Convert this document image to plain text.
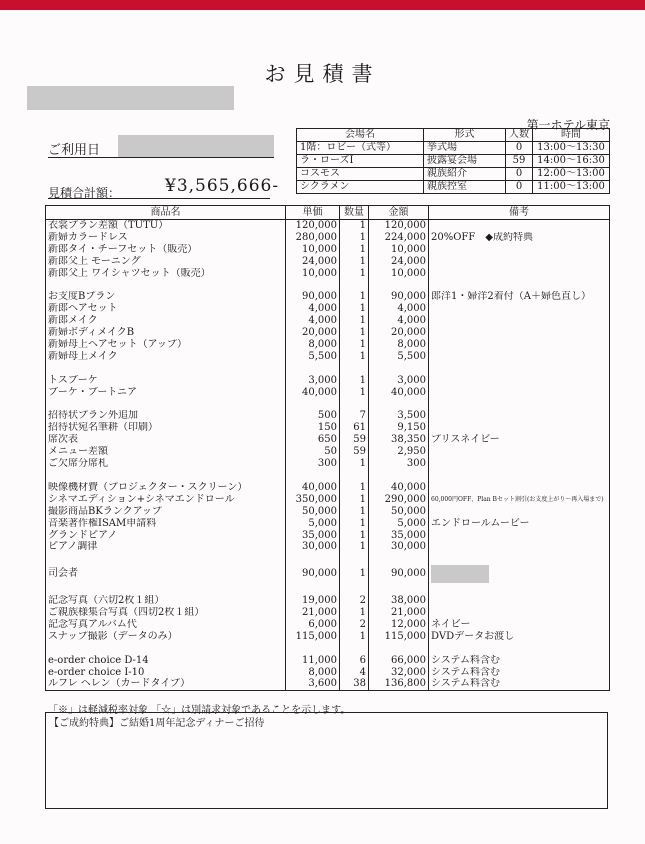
お見積書
第一ホテル東京
ご利用日
見積合計額：	¥3,565,666-
会場名	形式	人数	時間
1階：ロビー（式等）	挙式場	0	13:00〜13:30
ラ・ローズⅠ	披露宴会場	59	14:00〜16:30
コスモス	親族紹介	0	12:00〜13:00
シクラメン	親族控室	0	11:00〜13:00
商品名	単価	数量	金額	備考
衣裳プラン差額（TUTU）	120,000	1	120,000	
新婦カラードレス	280,000	1	224,000	20%OFF　◆成約特典
新郎タイ・チーフセット（販売）	10,000	1	10,000	
新郎父上 モーニング	24,000	1	24,000	
新郎父上 ワイシャツセット（販売）	10,000	1	10,000	

お支度Bプラン	90,000	1	90,000	郎洋1・婦洋2着付（A＋婦色直し）
新郎ヘアセット	4,000	1	4,000	
新郎メイク	4,000	1	4,000	
新婦ボディメイクB	20,000	1	20,000	
新婦母上ヘアセット（アップ）	8,000	1	8,000	
新婦母上メイク	5,500	1	5,500	

トスブーケ	3,000	1	3,000	
ブーケ・ブートニア	40,000	1	40,000	

招待状プラン外追加	500	7	3,500	
招待状宛名筆耕（印刷）	150	61	9,150	
席次表	650	59	38,350	プリスネイビー
メニュー差額	50	59	2,950	
ご欠席分席札	300	1	300	

映像機材費（プロジェクター・スクリーン）	40,000	1	40,000	
シネマエディション+シネマエンドロール	350,000	1	290,000	60,000円OFF、Plan Bセット割引(お支度上がり〜再入場まで)
撮影商品BKランクアップ	50,000	1	50,000	
音楽著作権ISAM申請料	5,000	1	5,000	エンドロールムービー
グランドピアノ	35,000	1	35,000	
ピアノ調律	30,000	1	30,000	

司会者	90,000	1	90,000	

記念写真（六切2枚１組）	19,000	2	38,000	
ご親族様集合写真（四切2枚１組）	21,000	1	21,000	
記念写真アルバム代	6,000	2	12,000	ネイビー
スナップ撮影（データのみ）	115,000	1	115,000	DVDデータお渡し

e-order choice D-14	11,000	6	66,000	システム料含む
e-order choice I-10	8,000	4	32,000	システム料含む
ルフレ ヘレン（カードタイプ）	3,600	38	136,800	システム料含む
「※」は軽減税率対象 「☆」は別請求対象であることを示します。
【ご成約特典】ご結婚1周年記念ディナーご招待
